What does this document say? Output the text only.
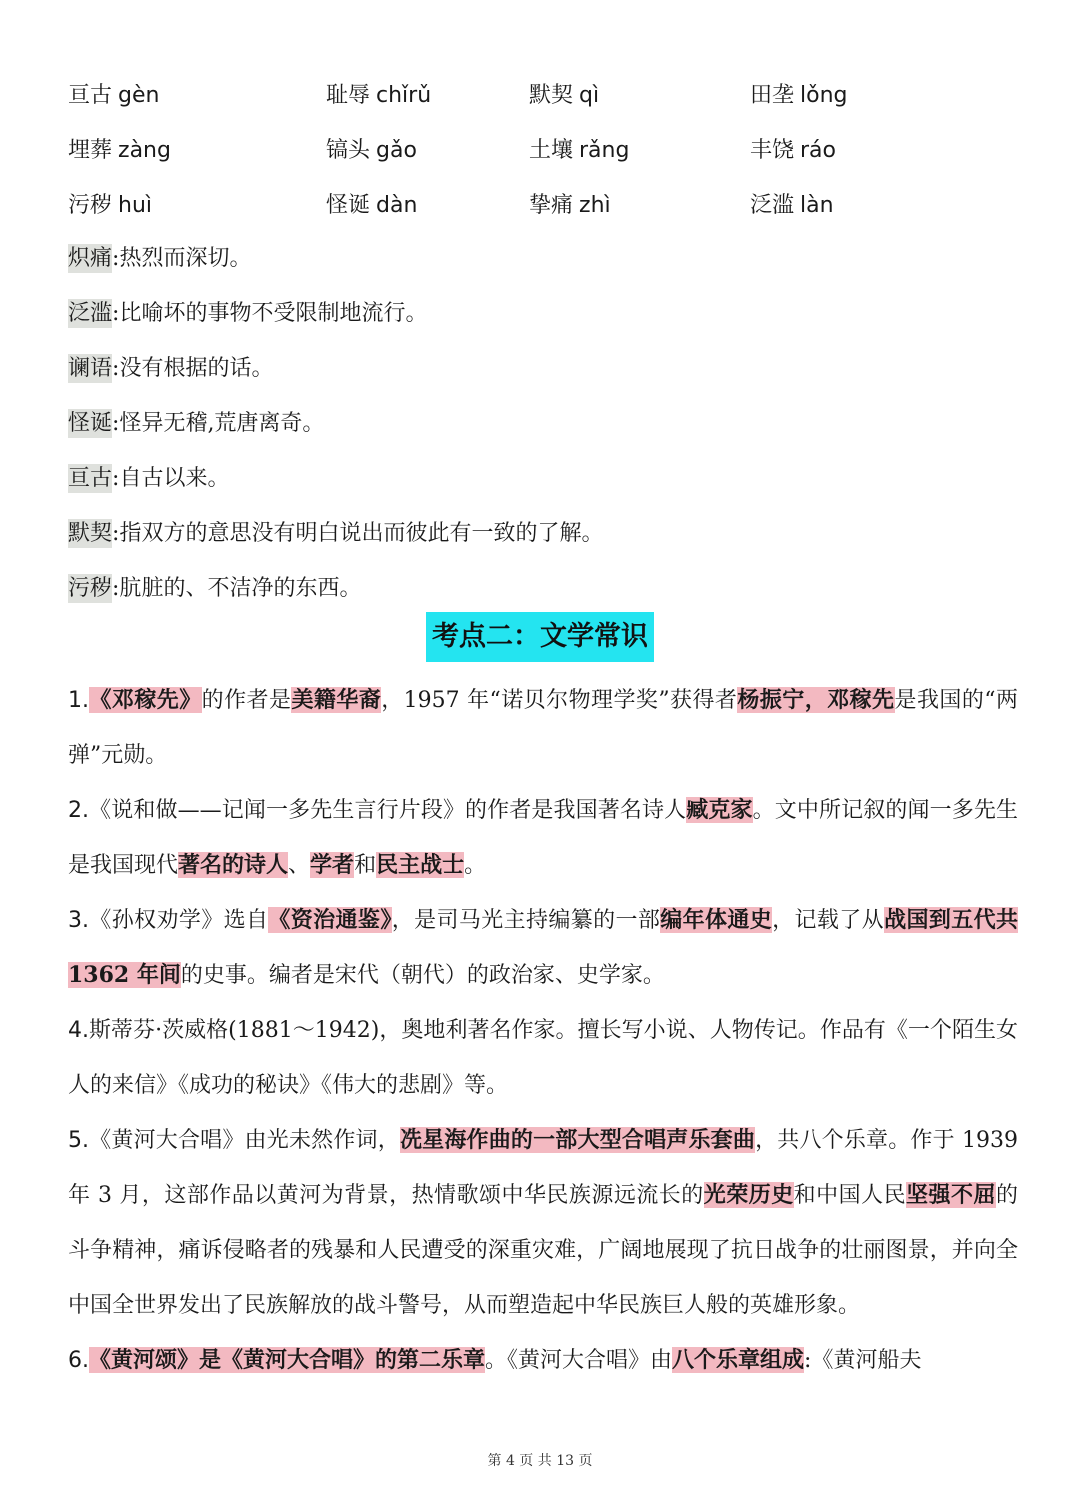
亘古 gèn	耻辱 chǐrǔ	默契 qì	田垄 lǒng
埋葬 zàng	镐头 gǎo	土壤 rǎng	丰饶 ráo
污秽 huì	怪诞 dàn	挚痛 zhì	泛滥 làn
炽痛:热烈而深切。
泛滥:比喻坏的事物不受限制地流行。
谰语:没有根据的话。
怪诞:怪异无稽,荒唐离奇。
亘古:自古以来。
默契:指双方的意思没有明白说出而彼此有一致的了解。
污秽:肮脏的、不洁净的东西。
考点二：文学常识

1.《邓稼先》的作者是美籍华裔，1957 年“诺贝尔物理学奖”获得者杨振宁，邓稼先是我国的“两弹”元勋。

2.《说和做——记闻一多先生言行片段》的作者是我国著名诗人臧克家。文中所记叙的闻一多先生是我国现代著名的诗人、学者和民主战士。

3.《孙权劝学》选自《资治通鉴》，是司马光主持编纂的一部编年体通史，记载了从战国到五代共 1362 年间的史事。编者是宋代（朝代）的政治家、史学家。

4.斯蒂芬·茨威格(1881～1942)，奥地利著名作家。擅长写小说、人物传记。作品有《一个陌生女人的来信》《成功的秘诀》《伟大的悲剧》等。

5.《黄河大合唱》由光未然作词，冼星海作曲的一部大型合唱声乐套曲，共八个乐章。作于 1939 年 3 月，这部作品以黄河为背景，热情歌颂中华民族源远流长的光荣历史和中国人民坚强不屈的斗争精神，痛诉侵略者的残暴和人民遭受的深重灾难，广阔地展现了抗日战争的壮丽图景，并向全中国全世界发出了民族解放的战斗警号，从而塑造起中华民族巨人般的英雄形象。

6.《黄河颂》是《黄河大合唱》的第二乐章。《黄河大合唱》由八个乐章组成:《黄河船夫

第 4 页 共 13 页
